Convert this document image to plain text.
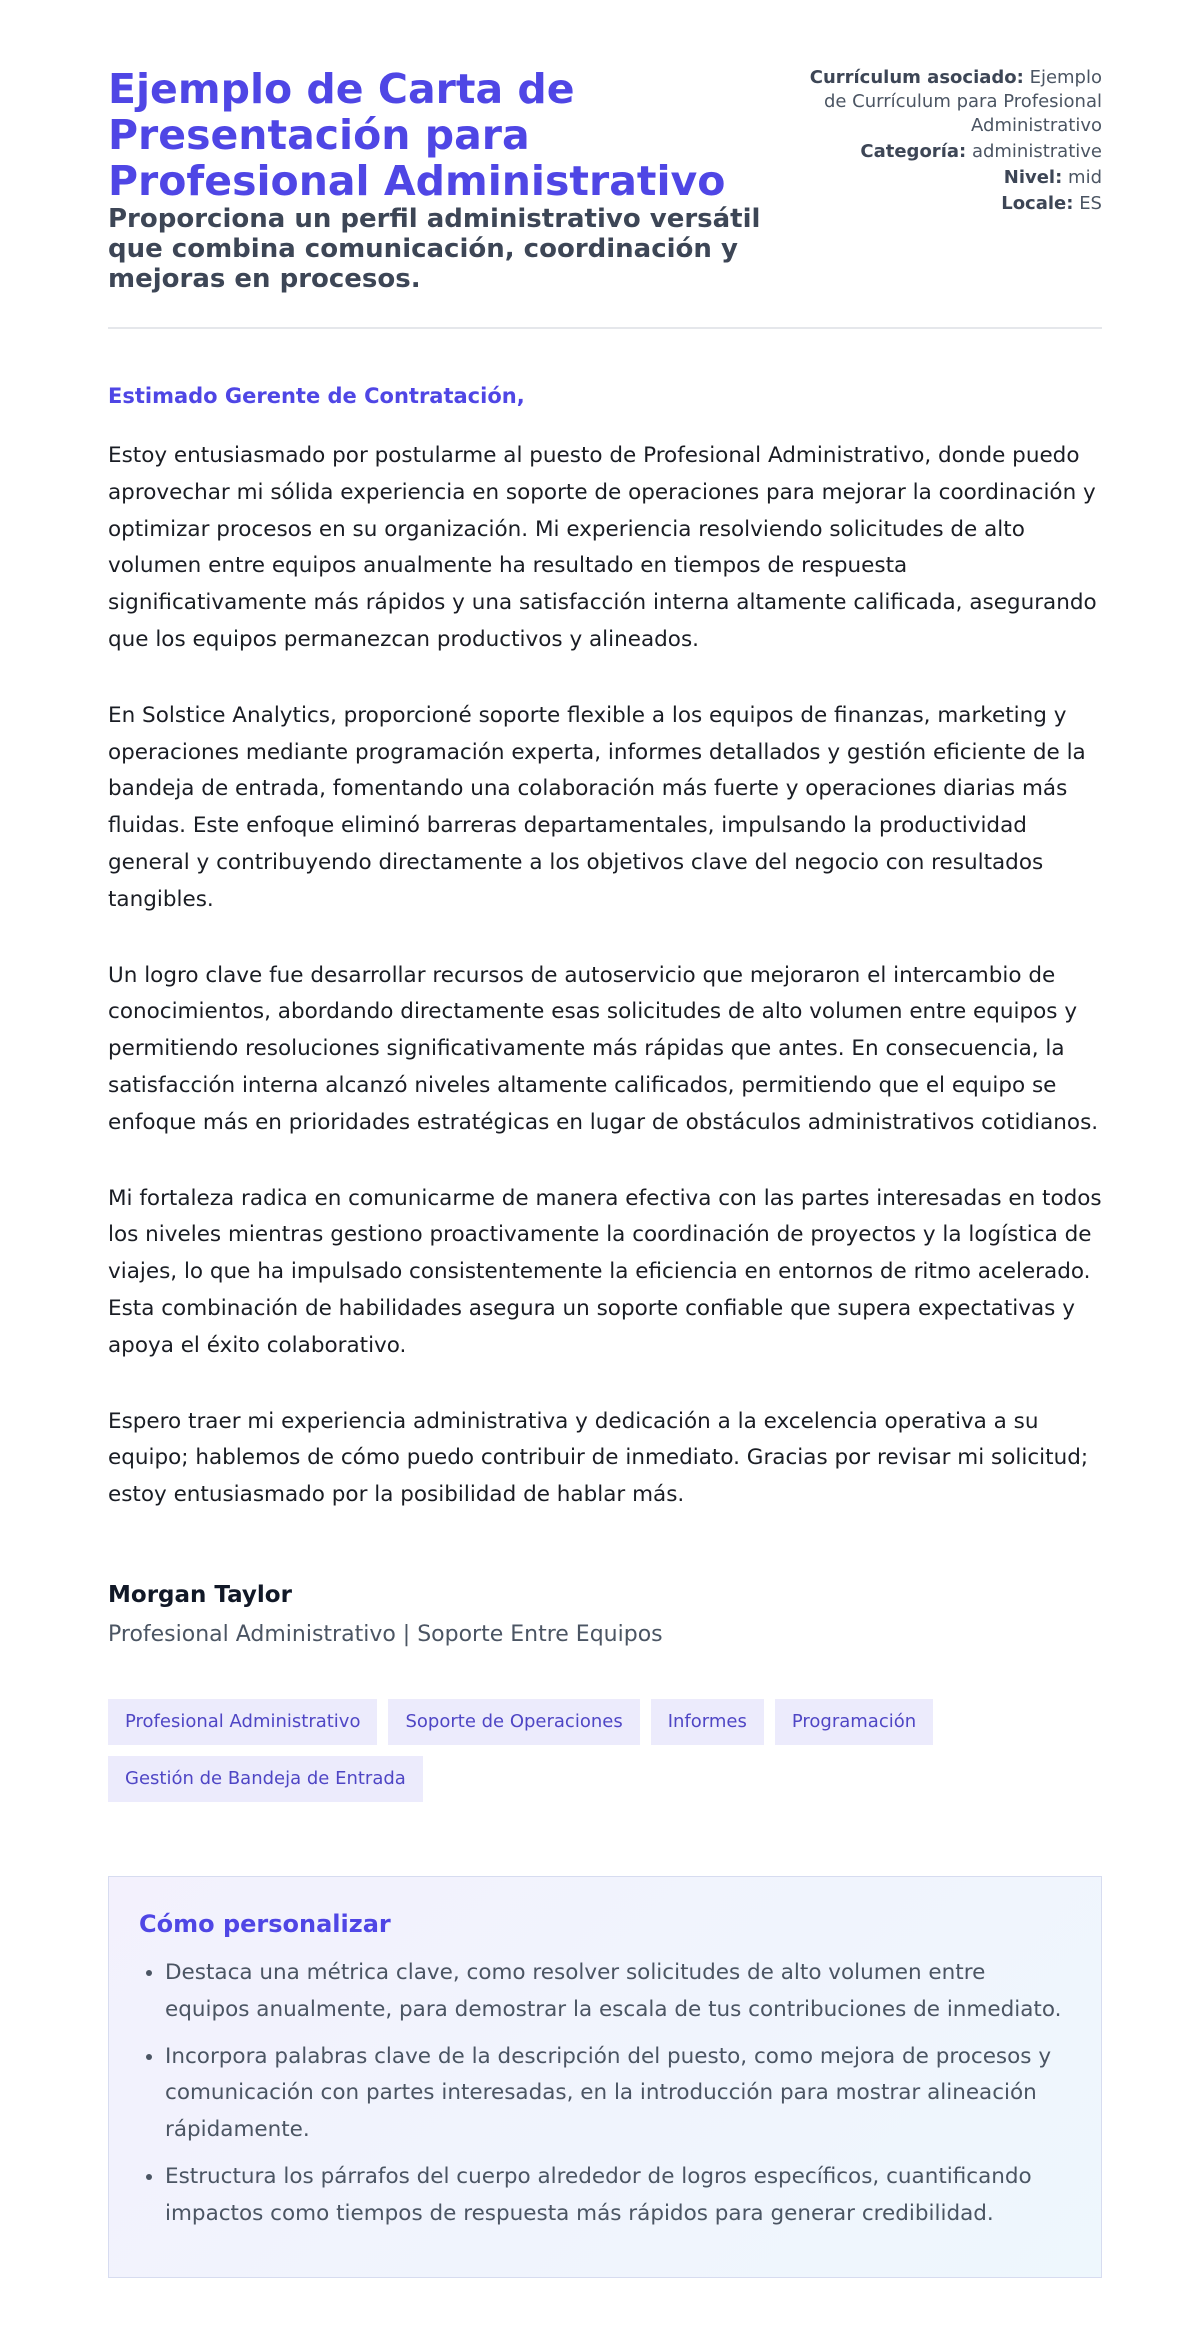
Ejemplo de Carta de Presentación para Profesional Administrativo
Proporciona un perfil administrativo versátil que combina comunicación, coordinación y mejoras en procesos.
Currículum asociado: Ejemplo de Currículum para Profesional Administrativo
Categoría: administrative
Nivel: mid
Locale: ES
Estimado Gerente de Contratación,

Estoy entusiasmado por postularme al puesto de Profesional Administrativo, donde puedo aprovechar mi sólida experiencia en soporte de operaciones para mejorar la coordinación y optimizar procesos en su organización. Mi experiencia resolviendo solicitudes de alto volumen entre equipos anualmente ha resultado en tiempos de respuesta significativamente más rápidos y una satisfacción interna altamente calificada, asegurando que los equipos permanezcan productivos y alineados.

En Solstice Analytics, proporcioné soporte flexible a los equipos de finanzas, marketing y operaciones mediante programación experta, informes detallados y gestión eficiente de la bandeja de entrada, fomentando una colaboración más fuerte y operaciones diarias más fluidas. Este enfoque eliminó barreras departamentales, impulsando la productividad general y contribuyendo directamente a los objetivos clave del negocio con resultados tangibles.

Un logro clave fue desarrollar recursos de autoservicio que mejoraron el intercambio de conocimientos, abordando directamente esas solicitudes de alto volumen entre equipos y permitiendo resoluciones significativamente más rápidas que antes. En consecuencia, la satisfacción interna alcanzó niveles altamente calificados, permitiendo que el equipo se enfoque más en prioridades estratégicas en lugar de obstáculos administrativos cotidianos.

Mi fortaleza radica en comunicarme de manera efectiva con las partes interesadas en todos los niveles mientras gestiono proactivamente la coordinación de proyectos y la logística de viajes, lo que ha impulsado consistentemente la eficiencia en entornos de ritmo acelerado. Esta combinación de habilidades asegura un soporte confiable que supera expectativas y apoya el éxito colaborativo.

Espero traer mi experiencia administrativa y dedicación a la excelencia operativa a su equipo; hablemos de cómo puedo contribuir de inmediato. Gracias por revisar mi solicitud; estoy entusiasmado por la posibilidad de hablar más.

Morgan Taylor
Profesional Administrativo | Soporte Entre Equipos
Profesional Administrativo	Soporte de Operaciones	Informes	Programación
Gestión de Bandeja de Entrada
Cómo personalizar
• Destaca una métrica clave, como resolver solicitudes de alto volumen entre equipos anualmente, para demostrar la escala de tus contribuciones de inmediato.
• Incorpora palabras clave de la descripción del puesto, como mejora de procesos y comunicación con partes interesadas, en la introducción para mostrar alineación rápidamente.
• Estructura los párrafos del cuerpo alrededor de logros específicos, cuantificando impactos como tiempos de respuesta más rápidos para generar credibilidad.
